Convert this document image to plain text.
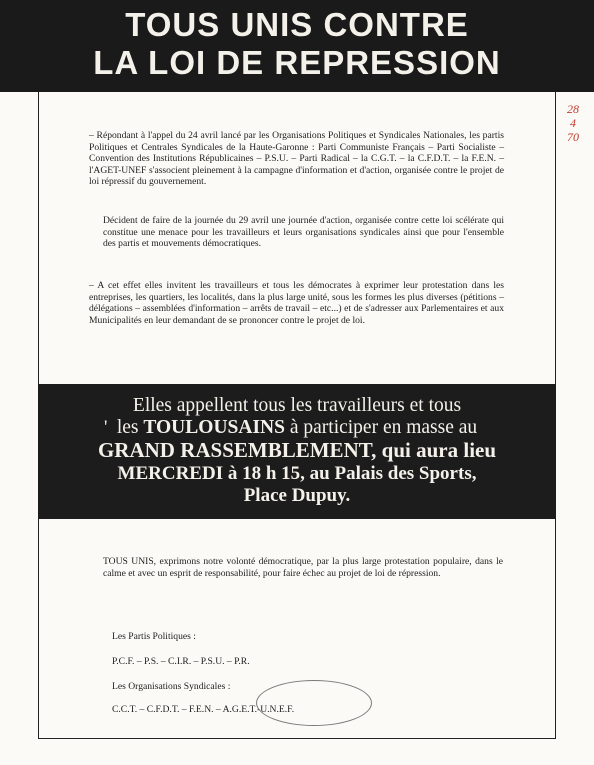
TOUS UNIS CONTRE
LA LOI DE REPRESSION
28
4
70
– Répondant à l'appel du 24 avril lancé par les Organisations Politiques et Syndicales Nationales, les partis Politiques et Centrales Syndicales de la Haute-Garonne : Parti Communiste Français – Parti Socialiste – Convention des Institutions Républicaines – P.S.U. – Parti Radical – la C.G.T. – la C.F.D.T. – la F.E.N. – l'AGET-UNEF s'associent pleinement à la campagne d'information et d'action, organisée contre le projet de loi répressif du gouvernement.
Décident de faire de la journée du 29 avril une journée d'action, organisée contre cette loi scélérate qui constitue une menace pour les travailleurs et leurs organisations syndicales ainsi que pour l'ensemble des partis et mouvements démocratiques.
– A cet effet elles invitent les travailleurs et tous les démocrates à exprimer leur protestation dans les entreprises, les quartiers, les localités, dans la plus large unité, sous les formes les plus diverses (pétitions – délégations – assemblées d'information – arrêts de travail – etc...) et de s'adresser aux Parlementaires et aux Municipalités en leur demandant de se prononcer contre le projet de loi.
Elles appellent tous les travailleurs et tous
' les TOULOUSAINS à participer en masse au
GRAND RASSEMBLEMENT, qui aura lieu
MERCREDI à 18 h 15, au Palais des Sports,
Place Dupuy.
TOUS UNIS, exprimons notre volonté démocratique, par la plus large protestation populaire, dans le calme et avec un esprit de responsabilité, pour faire échec au projet de loi de répression.
Les Partis Politiques :
P.C.F. – P.S. – C.I.R. – P.S.U. – P.R.
Les Organisations Syndicales :
C.C.T. – C.F.D.T. – F.E.N. – A.G.E.T.-U.N.E.F.
